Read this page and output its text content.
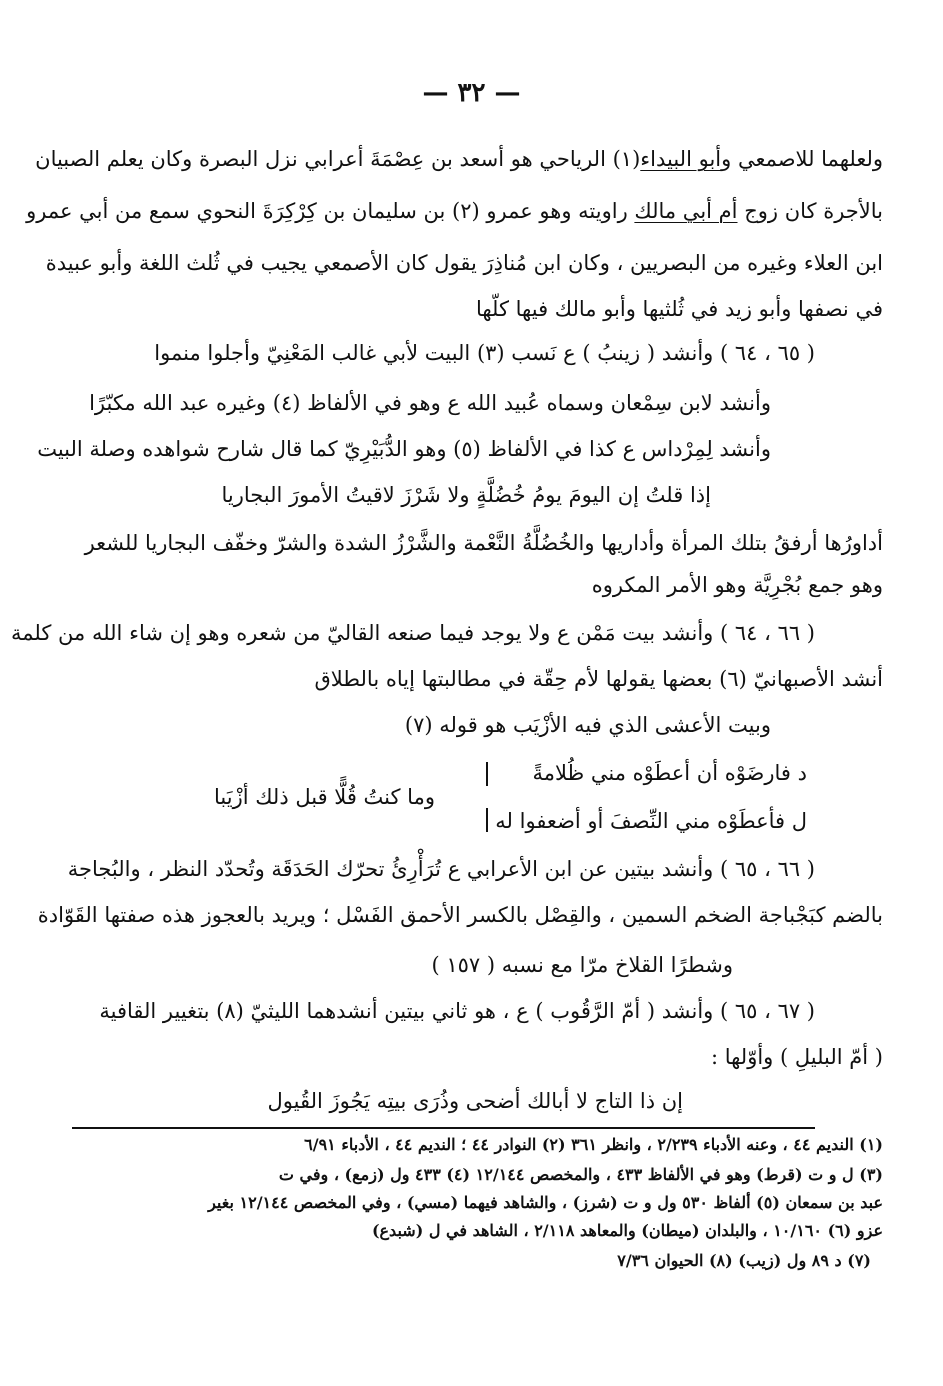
— ٣٢ —
ولعلهما للاصمعي وأبو البيداء(١) الرياحي هو أسعد بن عِصْمَةَ أعرابي نزل البصرة وكان يعلم الصبيان
بالأجرة كان زوج أم أبي مالك راويته وهو عمرو (٢) بن سليمان بن كِرْكِرَةَ النحوي سمع من أبي عمرو
ابن العلاء وغيره من البصريين ، وكان ابن مُناذِرَ يقول كان الأصمعي يجيب في ثُلث اللغة وأبو عبيدة
في نصفها وأبو زيد في ثُلثيها وأبو مالك فيها كلّها
( ٦٥ ، ٦٤ ) وأنشد ( زينبُ ) ع نَسب (٣) البيت لأبي غالب المَعْنِيّ وأجلوا منموا
وأنشد لابن سِمْعان وسماه عُبيد الله ع وهو في الألفاظ (٤) وغيره عبد الله مكبّرًا
وأنشد لِمِرْداس ع كذا في الألفاظ (٥) وهو الدُّبَيْرِيّ كما قال شارح شواهده وصلة البيت
إذا قلتُ إن اليومَ يومُ خُضُلَّةٍ ولا شَرْزَ لاقيتُ الأمورَ البجاريا
أداورُها أرفقُ بتلك المرأة وأداريها والخُضُلَّةُ النَّعْمة والشَّرْزُ الشدة والشرّ وخفّف البجاريا للشعر
وهو جمع بُجْرِيَّة وهو الأمر المكروه
( ٦٦ ، ٦٤ ) وأنشد بيت مَمْن ع ولا يوجد فيما صنعه القاليّ من شعره وهو إن شاء الله من كلمة
أنشد الأصبهانيّ (٦) بعضها يقولها لأم حِقّة في مطالبتها إياه بالطلاق
وبيت الأعشى الذي فيه الأزْيَب هو قوله (٧)
د فارضَوْه أن أعطَوْه مني ظُلامةً
ل فأعطَوْه مني النِّصفَ أو أضعفوا له
وما كنتُ قُلًّا قبل ذلك أزْيَبا
( ٦٦ ، ٦٥ ) وأنشد بيتين عن ابن الأعرابي ع تُرَأْرِئُ تحرّك الحَدَقَة وتُحدّد النظر ، والبُجاجة
بالضم كبَجْباجة الضخم السمين ، والقِصْل بالكسر الأحمق الفَسْل ؛ ويريد بالعجوز هذه صفتها القَوّادة
وشطرًا القلاخ مرّا مع نسبه ( ١٥٧ )
( ٦٧ ، ٦٥ ) وأنشد ( أمّ الرَّقُوب ) ع ، هو ثاني بيتين أنشدهما الليثيّ (٨) بتغيير القافية
( أمّ البليلِ ) وأوّلها :
إن ذا التاج لا أبالك أضحى وذُرَى بيتِه يَجُوزَ القُيول
(١) النديم ٤٤ ، وعنه الأدباء ٢/٢٣٩ ، وانظر ٣٦١ (٢) النوادر ٤٤ ؛ النديم ٤٤ ، الأدباء ٦/٩١
(٣) ل و ت (قرط) وهو في الألفاظ ٤٣٣ ، والمخصص ١٢/١٤٤ (٤) ٤٣٣ ول (زمع) ، وفي ت
عبد بن سمعان (٥) ألفاظ ٥٣٠ ول و ت (شرز) ، والشاهد فيهما (مسي) ، وفي المخصص ١٢/١٤٤ بغير
عزو (٦) ١٠/١٦٠ ، والبلدان (ميطان) والمعاهد ٢/١١٨ ، الشاهد في ل (شبدع)
(٧) د ٨٩ ول (زيب) (٨) الحيوان ٧/٣٦
